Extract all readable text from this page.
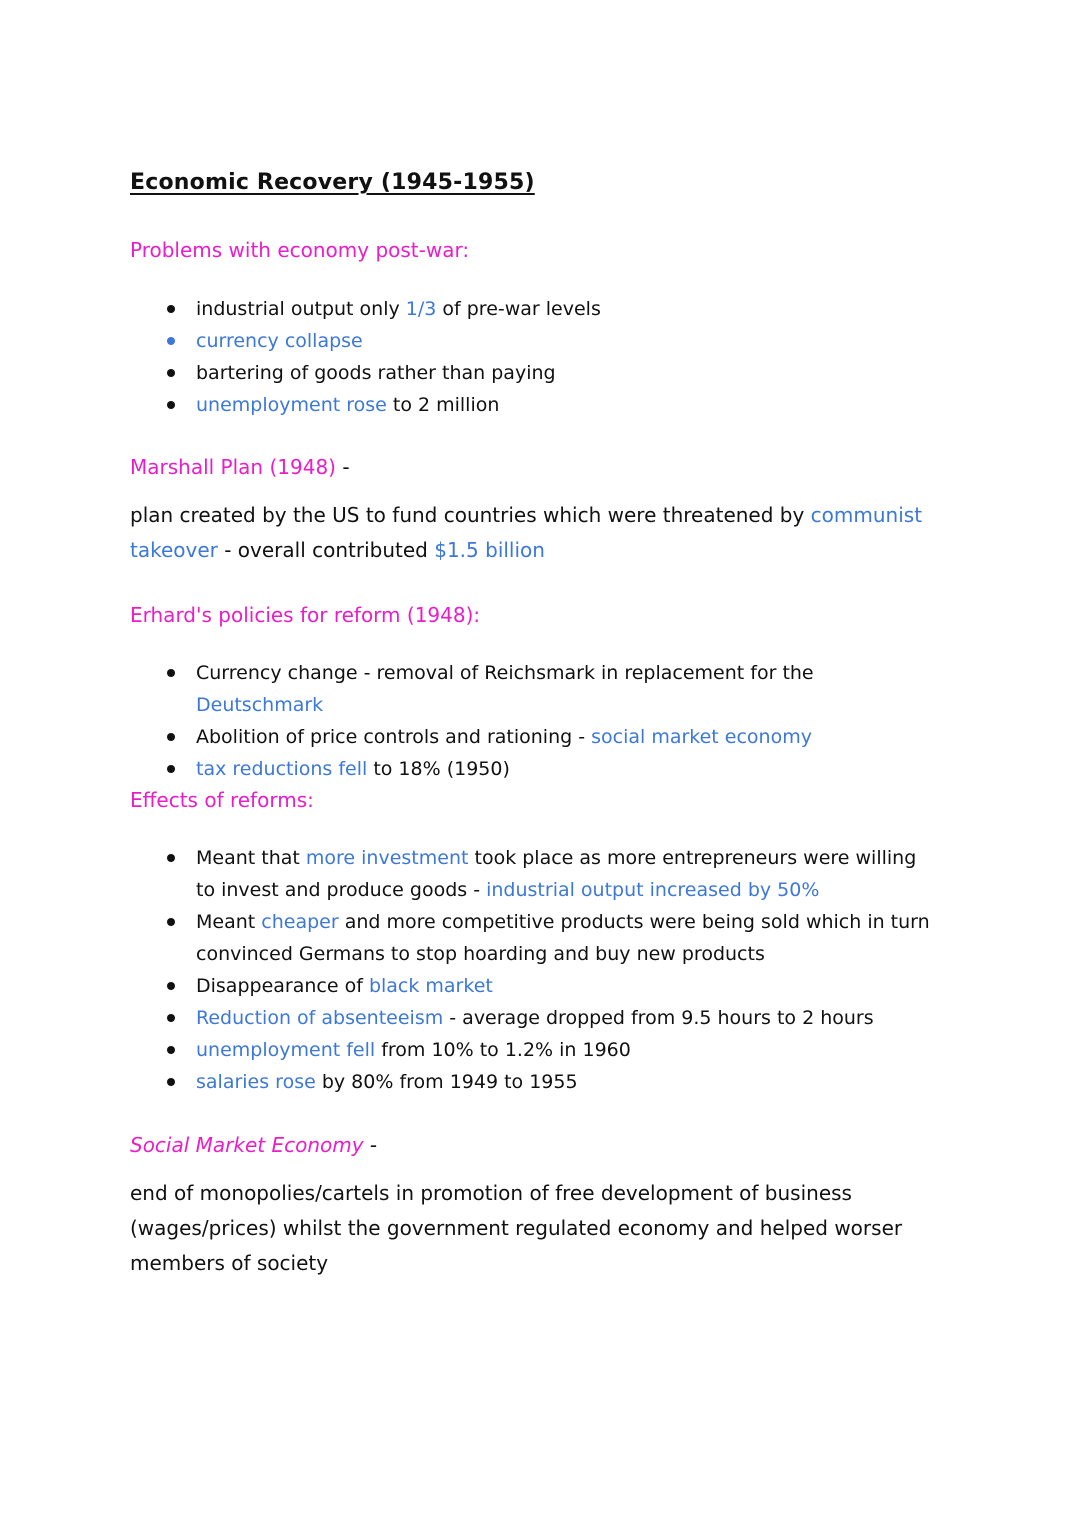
Economic Recovery (1945-1955)
Problems with economy post-war:
industrial output only 1/3 of pre-war levels
currency collapse
bartering of goods rather than paying
unemployment rose to 2 million
Marshall Plan (1948) -
plan created by the US to fund countries which were threatened by communist takeover - overall contributed $1.5 billion
Erhard's policies for reform (1948):
Currency change - removal of Reichsmark in replacement for the Deutschmark
Abolition of price controls and rationing - social market economy
tax reductions fell to 18% (1950)
Effects of reforms:
Meant that more investment took place as more entrepreneurs were willing to invest and produce goods - industrial output increased by 50%
Meant cheaper and more competitive products were being sold which in turn convinced Germans to stop hoarding and buy new products
Disappearance of black market
Reduction of absenteeism - average dropped from 9.5 hours to 2 hours
unemployment fell from 10% to 1.2% in 1960
salaries rose by 80% from 1949 to 1955
Social Market Economy -
end of monopolies/cartels in promotion of free development of business (wages/prices) whilst the government regulated economy and helped worser members of society
